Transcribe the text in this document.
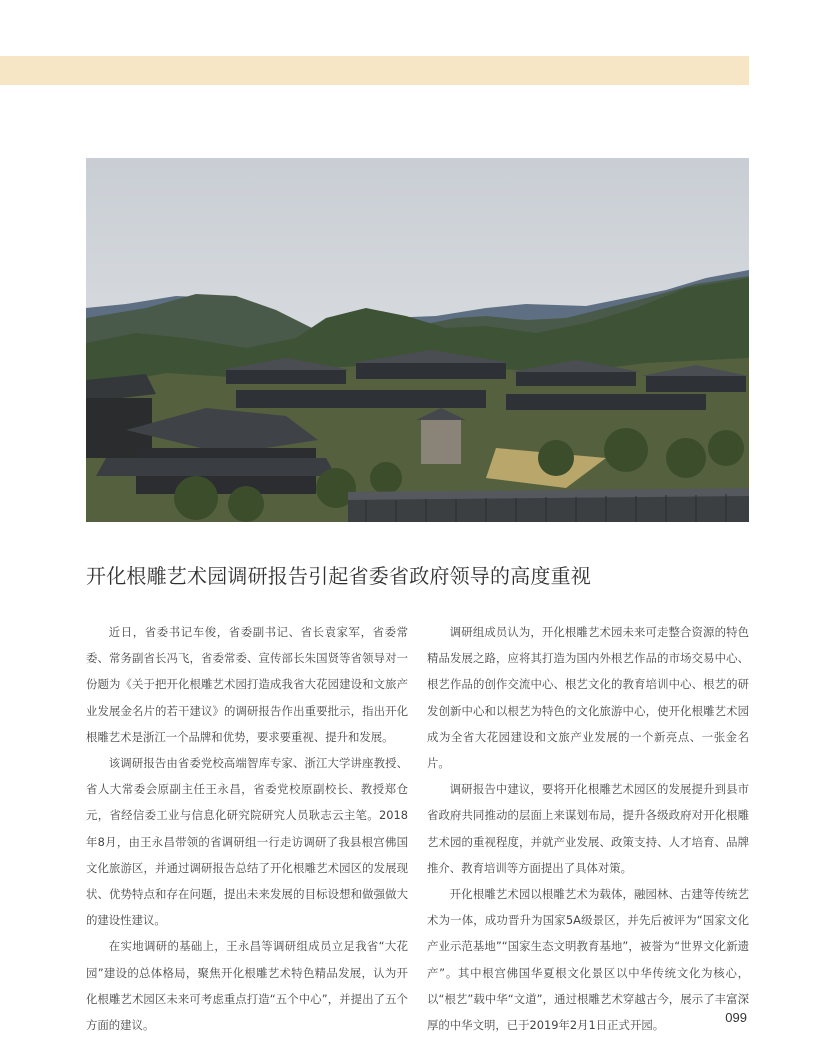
开化根雕艺术园调研报告引起省委省政府领导的高度重视

近日，省委书记车俊，省委副书记、省长袁家军，省委常委、常务副省长冯飞，省委常委、宣传部长朱国贤等省领导对一份题为《关于把开化根雕艺术园打造成我省大花园建设和文旅产业发展金名片的若干建议》的调研报告作出重要批示，指出开化根雕艺术是浙江一个品牌和优势，要求要重视、提升和发展。

该调研报告由省委党校高端智库专家、浙江大学讲座教授、省人大常委会原副主任王永昌，省委党校原副校长、教授郑仓元，省经信委工业与信息化研究院研究人员耿志云主笔。2018年8月，由王永昌带领的省调研组一行走访调研了我县根宫佛国文化旅游区，并通过调研报告总结了开化根雕艺术园区的发展现状、优势特点和存在问题，提出未来发展的目标设想和做强做大的建设性建议。

在实地调研的基础上，王永昌等调研组成员立足我省“大花园”建设的总体格局，聚焦开化根雕艺术特色精品发展，认为开化根雕艺术园区未来可考虑重点打造“五个中心”，并提出了五个方面的建议。

调研组成员认为，开化根雕艺术园未来可走整合资源的特色精品发展之路，应将其打造为国内外根艺作品的市场交易中心、根艺作品的创作交流中心、根艺文化的教育培训中心、根艺的研发创新中心和以根艺为特色的文化旅游中心，使开化根雕艺术园成为全省大花园建设和文旅产业发展的一个新亮点、一张金名片。

调研报告中建议，要将开化根雕艺术园区的发展提升到县市省政府共同推动的层面上来谋划布局，提升各级政府对开化根雕艺术园的重视程度，并就产业发展、政策支持、人才培育、品牌推介、教育培训等方面提出了具体对策。

开化根雕艺术园以根雕艺术为载体，融园林、古建等传统艺术为一体，成功晋升为国家5A级景区，并先后被评为“国家文化产业示范基地”“国家生态文明教育基地”，被誉为“世界文化新遗产”。其中根宫佛国华夏根文化景区以中华传统文化为核心，以“根艺”载中华“文道”，通过根雕艺术穿越古今，展示了丰富深厚的中华文明，已于2019年2月1日正式开园。

099
